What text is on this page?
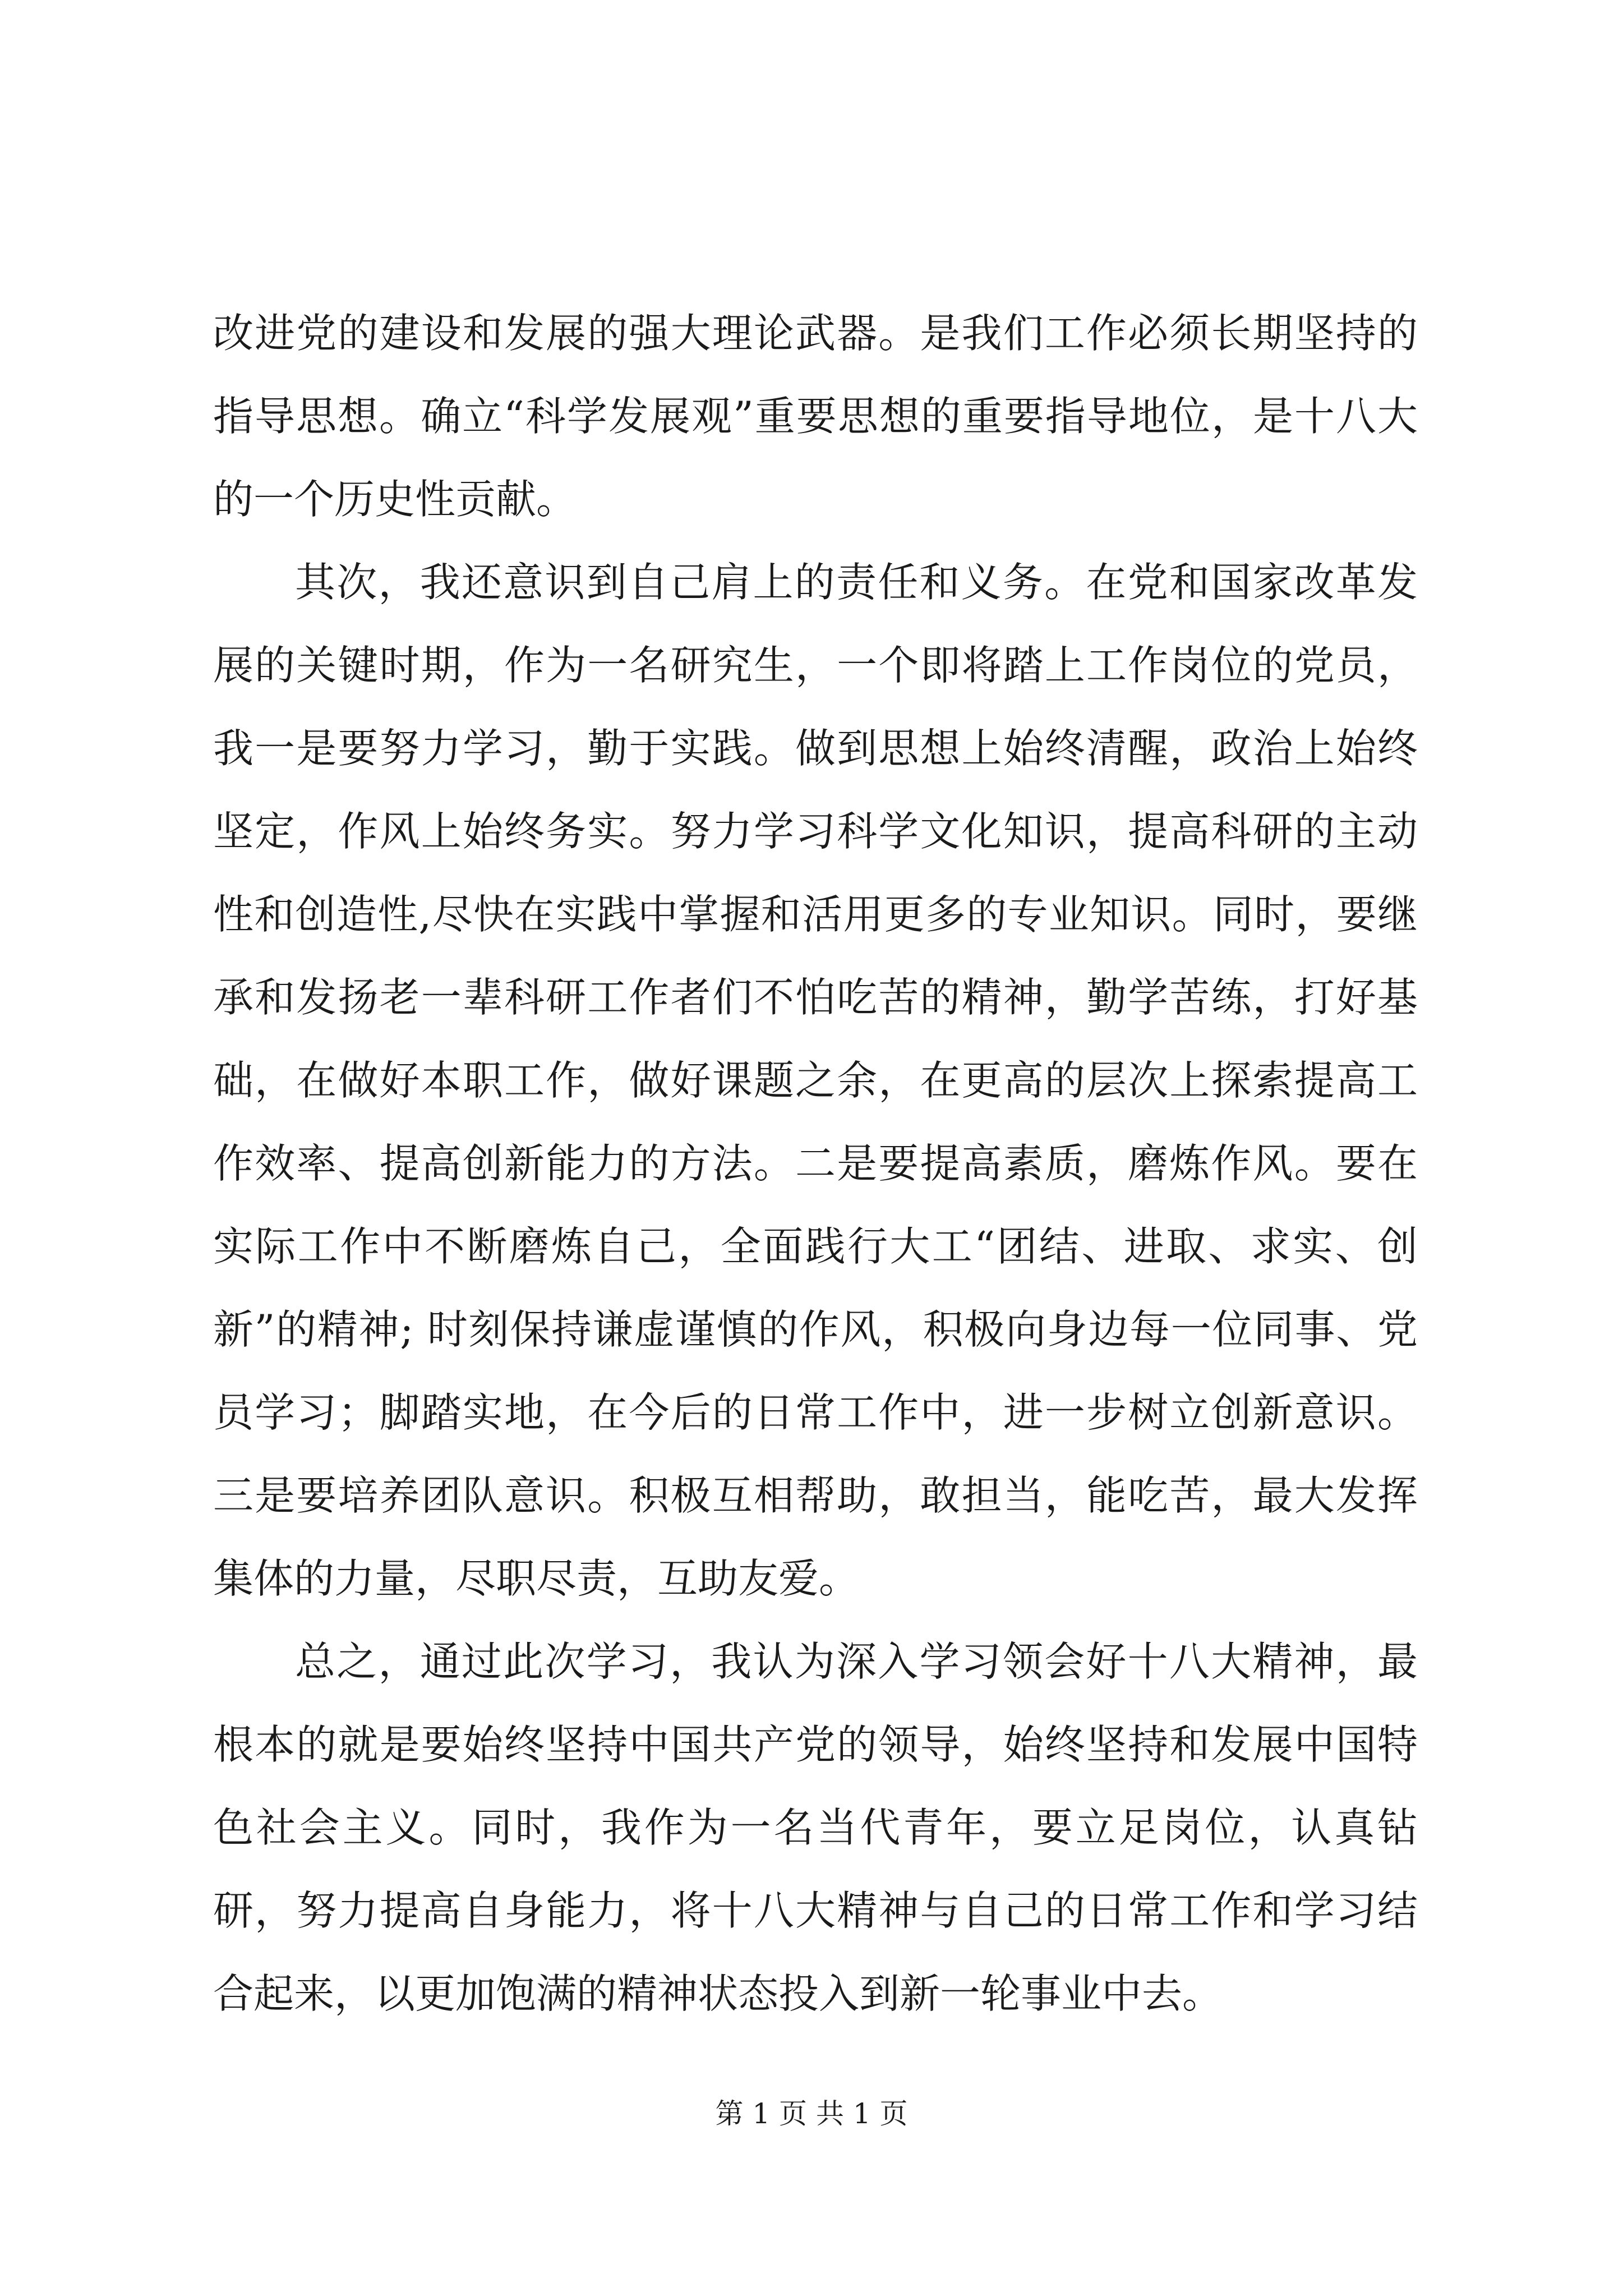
改进党的建设和发展的强大理论武器。是我们工作必须长期坚持的指导思想。确立“科学发展观”重要思想的重要指导地位，是十八大的一个历史性贡献。

其次，我还意识到自己肩上的责任和义务。在党和国家改革发展的关键时期，作为一名研究生，一个即将踏上工作岗位的党员，我一是要努力学习，勤于实践。做到思想上始终清醒，政治上始终坚定，作风上始终务实。努力学习科学文化知识，提高科研的主动性和创造性,尽快在实践中掌握和活用更多的专业知识。同时，要继承和发扬老一辈科研工作者们不怕吃苦的精神，勤学苦练，打好基础，在做好本职工作，做好课题之余，在更高的层次上探索提高工作效率、提高创新能力的方法。二是要提高素质，磨炼作风。要在实际工作中不断磨炼自己，全面践行大工“团结、进取、求实、创新”的精神; 时刻保持谦虚谨慎的作风，积极向身边每一位同事、党员学习；脚踏实地，在今后的日常工作中，进一步树立创新意识。三是要培养团队意识。积极互相帮助，敢担当，能吃苦，最大发挥集体的力量，尽职尽责，互助友爱。

总之，通过此次学习，我认为深入学习领会好十八大精神，最根本的就是要始终坚持中国共产党的领导，始终坚持和发展中国特色社会主义。同时，我作为一名当代青年，要立足岗位，认真钻研，努力提高自身能力，将十八大精神与自己的日常工作和学习结合起来，以更加饱满的精神状态投入到新一轮事业中去。

第 1 页 共 1 页
